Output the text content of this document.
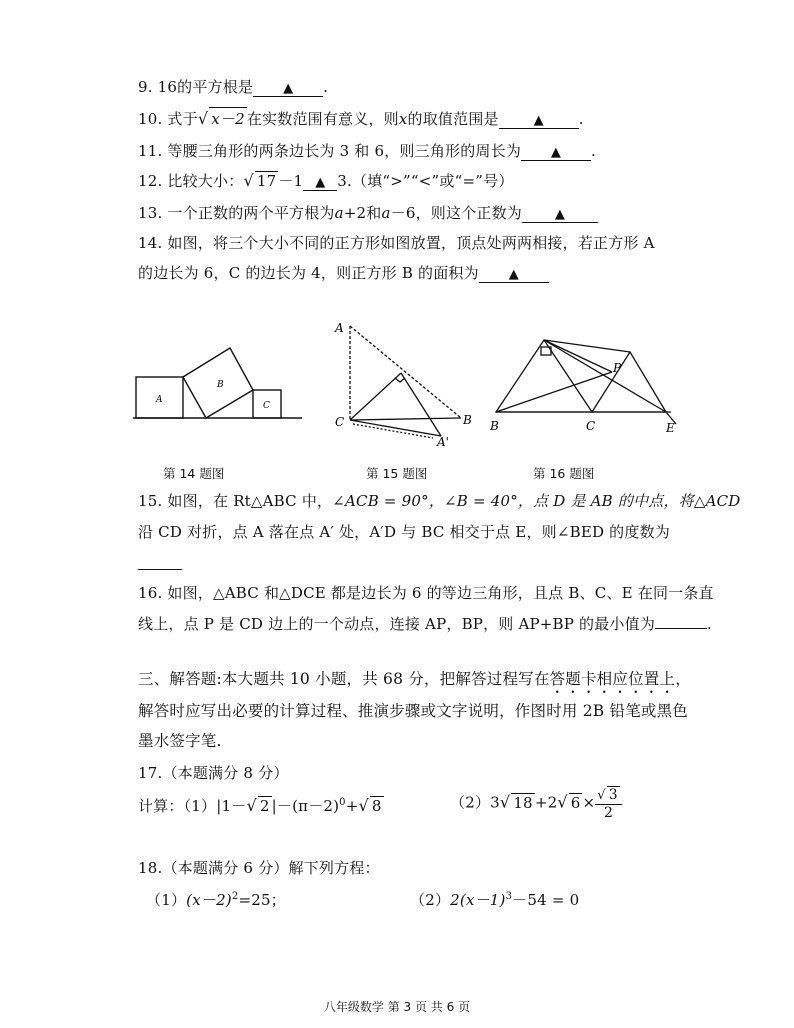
9. 16的平方根是 ▲ .
10. 式于√ x－2 在实数范围有意义，则x的取值范围是	▲ .
11. 等腰三角形的两条边长为 3 和 6，则三角形的周长为 ▲ .
12. 比较大小：√ 17 －1 ▲ 3.（填“>”“<”或“=”号）
13. 一个正数的两个平方根为a+2和a－6，则这个正数为	▲
14. 如图，将三个大小不同的正方形如图放置，顶点处两两相接，若正方形 A
的边长为 6，C 的边长为 4，则正方形 B 的面积为 ▲
A
B
C
A
C	B
A'
B	C	E
P
第 14 题图	第 15 题图	第 16 题图
15. 如图，在 Rt△ABC 中，∠ACB = 90°，∠B = 40°，点 D 是 AB 的中点，将△ACD
沿 CD 对折，点 A 落在点 A′ 处，A′D 与 BC 相交于点 E，则∠BED 的度数为
16. 如图，△ABC 和△DCE 都是边长为 6 的等边三角形，且点 B、C、E 在同一条直
线上，点 P 是 CD 边上的一个动点，连接 AP，BP，则 AP+BP 的最小值为	.
三、解答题:本大题共 10 小题，共 68 分，把解答过程写在答题卡相应位置上，
解答时应写出必要的计算过程、推演步骤或文字说明，作图时用 2B 铅笔或黑色
墨水签字笔.
17.（本题满分 8 分）
计算：（1）|1－√ 2 $|-(\pi-2)^0+√$ 8	（2）3√ 18 +2√ $6 \times \frac{√ 3}{2}$
18.（本题满分 6 分）解下列方程：
$(1)(x-2)^2=25$；	$(2)2(x-1)^3-54 = 0$
八年级数学 第 3 页 共 6 页
